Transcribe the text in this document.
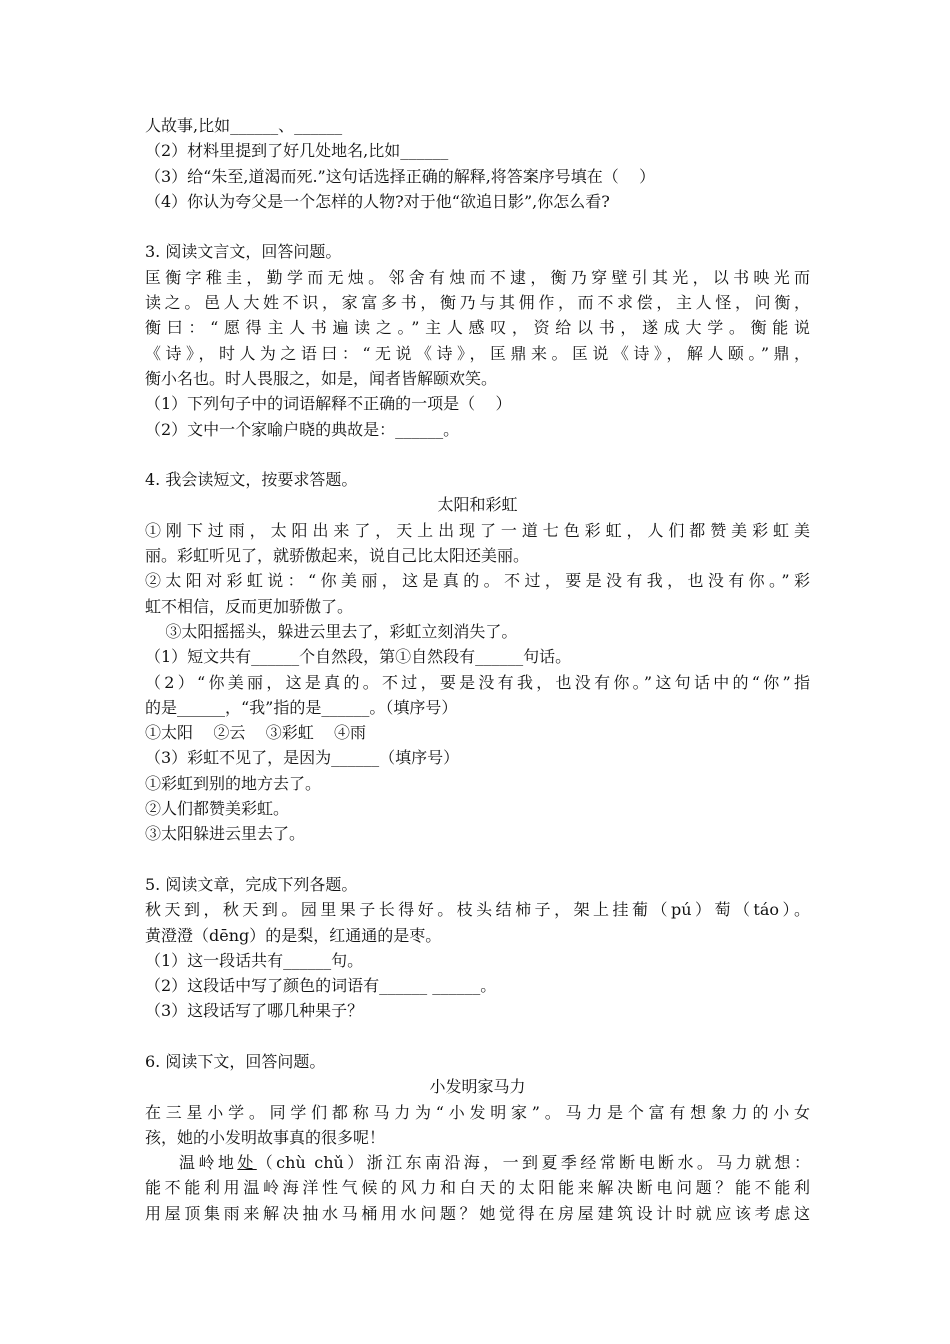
人故事,比如______、______
（2）材料里提到了好几处地名,比如______
（3）给“朱至,道渴而死.”这句话选择正确的解释,将答案序号填在（    ）
（4）你认为夸父是一个怎样的人物?对于他“欲追日影”,你怎么看?
3. 阅读文言文，回答问题。
匡衡字稚圭，勤学而无烛。邻舍有烛而不逮，衡乃穿壁引其光，以书映光而
读之。邑人大姓不识，家富多书，衡乃与其佣作，而不求偿，主人怪，问衡，
衡曰：“愿得主人书遍读之。”主人感叹，资给以书，遂成大学。衡能说
《诗》，时人为之语曰：“无说《诗》，匡鼎来。匡说《诗》，解人颐。”鼎，
衡小名也。时人畏服之，如是，闻者皆解颐欢笑。
（1）下列句子中的词语解释不正确的一项是（    ）
（2）文中一个家喻户晓的典故是：______。
4. 我会读短文，按要求答题。
太阳和彩虹
①刚下过雨，太阳出来了，天上出现了一道七色彩虹，人们都赞美彩虹美
丽。彩虹听见了，就骄傲起来，说自己比太阳还美丽。
②太阳对彩虹说：“你美丽，这是真的。不过，要是没有我，也没有你。”彩
虹不相信，反而更加骄傲了。
③太阳摇摇头，躲进云里去了，彩虹立刻消失了。
（1）短文共有______个自然段，第①自然段有______句话。
（2）“你美丽，这是真的。不过，要是没有我，也没有你。”这句话中的“你”指
的是______，“我”指的是______。（填序号）
①太阳    ②云    ③彩虹    ④雨
（3）彩虹不见了，是因为______（填序号）
①彩虹到别的地方去了。
②人们都赞美彩虹。
③太阳躲进云里去了。
5. 阅读文章，完成下列各题。
秋天到，秋天到。园里果子长得好。枝头结柿子，架上挂葡（pú）萄（táo）。
黄澄澄（dēng）的是梨，红通通的是枣。
（1）这一段话共有______句。
（2）这段话中写了颜色的词语有______ ______。
（3）这段话写了哪几种果子？
6. 阅读下文，回答问题。
小发明家马力
在三星小学。同学们都称马力为“小发明家”。马力是个富有想象力的小女
孩，她的小发明故事真的很多呢！
温岭地处（chù chǔ）浙江东南沿海，一到夏季经常断电断水。马力就想：
能不能利用温岭海洋性气候的风力和白天的太阳能来解决断电问题？能不能利
用屋顶集雨来解决抽水马桶用水问题？她觉得在房屋建筑设计时就应该考虑这
